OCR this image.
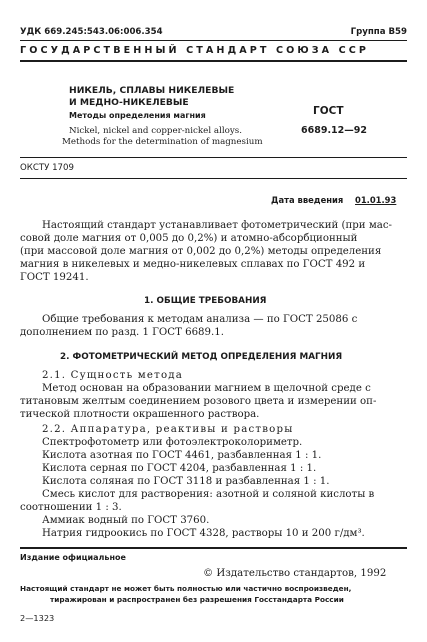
УДК 669.245:543.06:006.354	Группа В59
ГОСУДАРСТВЕННЫЙ СТАНДАРТ СОЮЗА ССР
НИКЕЛЬ, СПЛАВЫ НИКЕЛЕВЫЕ
И МЕДНО-НИКЕЛЕВЫЕ
Методы определения магния
Nickel, nickel and copper-nickel alloys.
Methods for the determination of magnesium
ГОСТ
6689.12—92
ОКСТУ 1709
Дата введения 01.01.93
Настоящий стандарт устанавливает фотометрический (при мас-
совой доле магния от 0,005 до 0,2%) и атомно-абсорбционный
(при массовой доле магния от 0,002 до 0,2%) методы определения
магния в никелевых и медно-никелевых сплавах по ГОСТ 492 и
ГОСТ 19241.
1. ОБЩИЕ ТРЕБОВАНИЯ
Общие требования к методам анализа — по ГОСТ 25086 с
дополнением по разд. 1 ГОСТ 6689.1.
2. ФОТОМЕТРИЧЕСКИЙ МЕТОД ОПРЕДЕЛЕНИЯ МАГНИЯ
2.1. Сущность метода
Метод основан на образовании магнием в щелочной среде с
титановым желтым соединением розового цвета и измерении оп-
тической плотности окрашенного раствора.
2.2. Аппаратура, реактивы и растворы
Спектрофотометр или фотоэлектроколориметр.
Кислота азотная по ГОСТ 4461, разбавленная 1 : 1.
Кислота серная по ГОСТ 4204, разбавленная 1 : 1.
Кислота соляная по ГОСТ 3118 и разбавленная 1 : 1.
Смесь кислот для растворения: азотной и соляной кислоты в
соотношении 1 : 3.
Аммиак водный по ГОСТ 3760.
Натрия гидроокись по ГОСТ 4328, растворы 10 и 200 г/дм³.
Издание официальное
© Издательство стандартов, 1992
Настоящий стандарт не может быть полностью или частично воспроизведен,
тиражирован и распространен без разрешения Госстандарта России
2—1323
